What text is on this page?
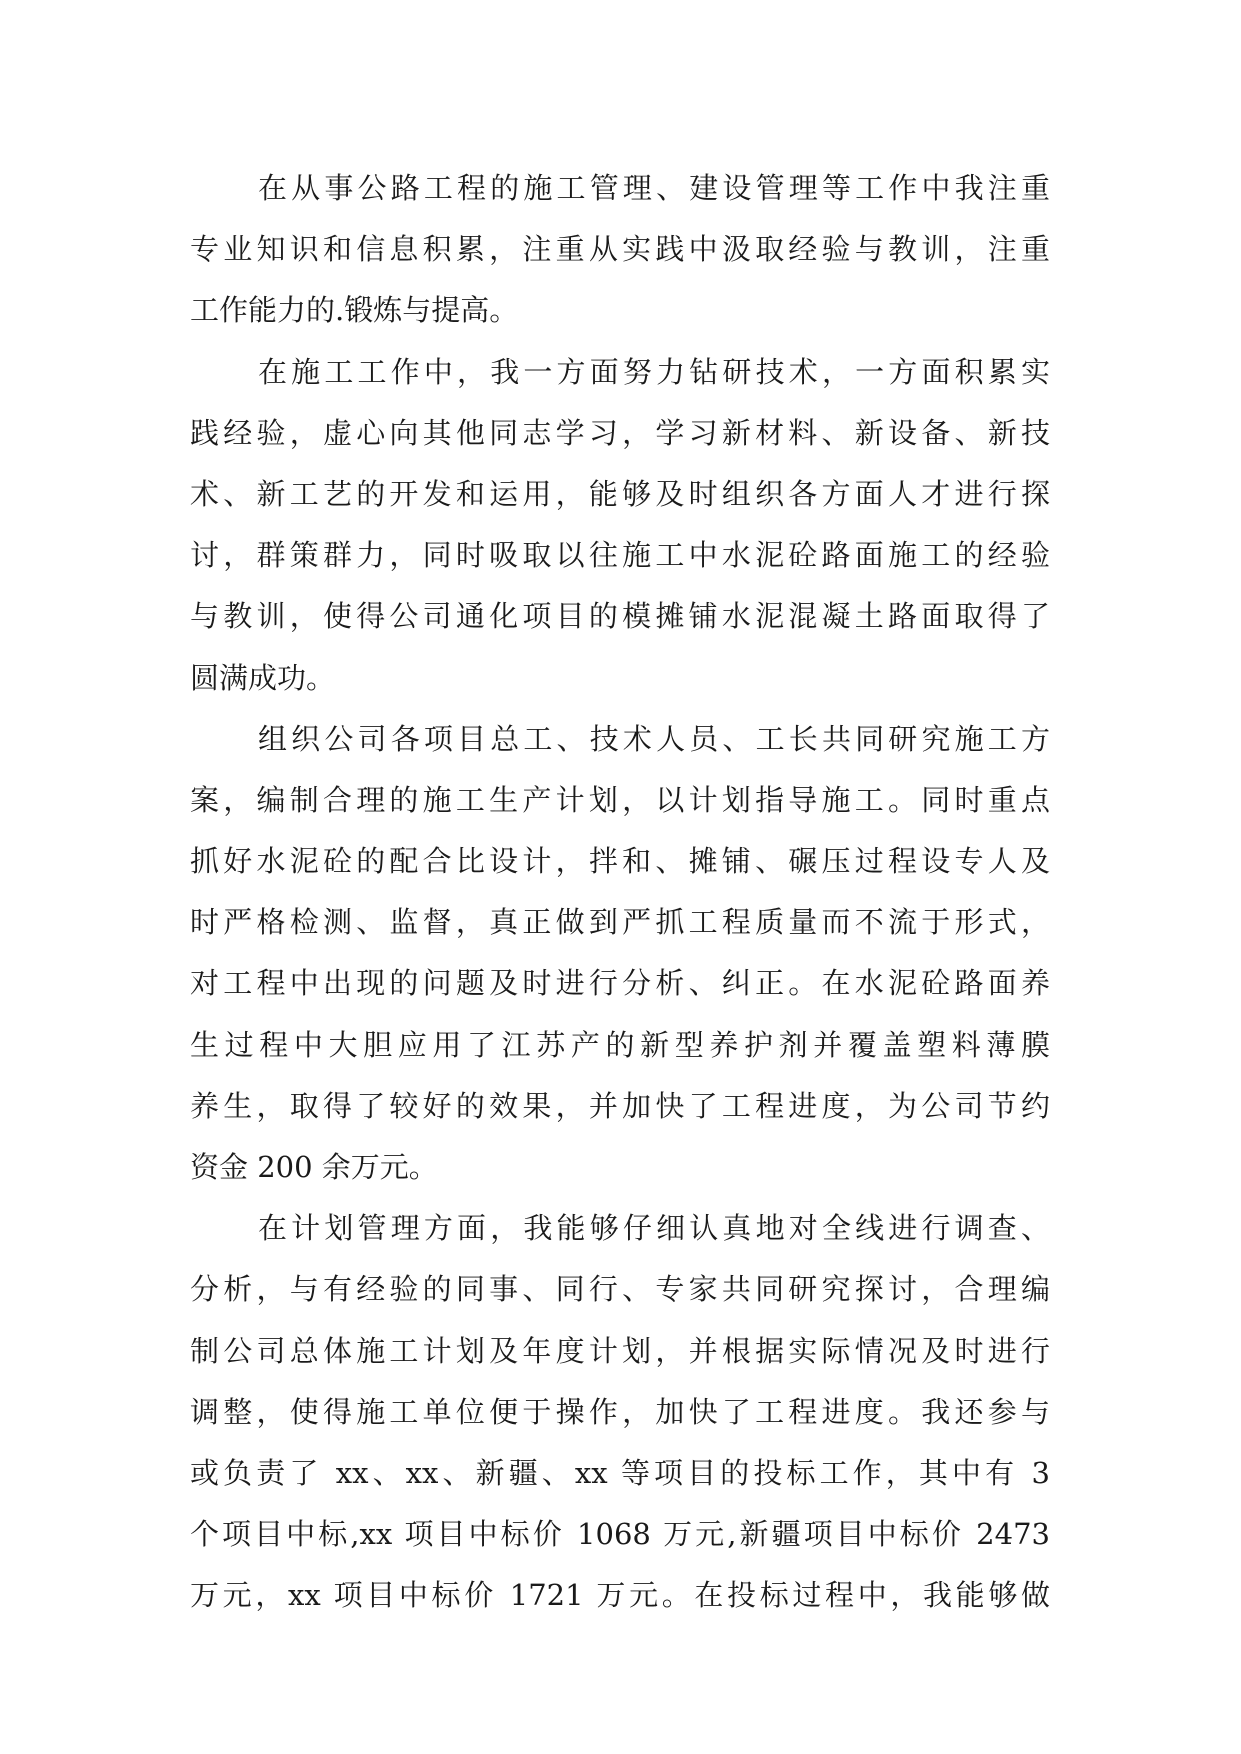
在从事公路工程的施工管理、建设管理等工作中我注重
专业知识和信息积累，注重从实践中汲取经验与教训，注重
工作能力的.锻炼与提高。
在施工工作中，我一方面努力钻研技术，一方面积累实
践经验，虚心向其他同志学习，学习新材料、新设备、新技
术、新工艺的开发和运用，能够及时组织各方面人才进行探
讨，群策群力，同时吸取以往施工中水泥砼路面施工的经验
与教训，使得公司通化项目的模摊铺水泥混凝土路面取得了
圆满成功。
组织公司各项目总工、技术人员、工长共同研究施工方
案，编制合理的施工生产计划，以计划指导施工。同时重点
抓好水泥砼的配合比设计，拌和、摊铺、碾压过程设专人及
时严格检测、监督，真正做到严抓工程质量而不流于形式，
对工程中出现的问题及时进行分析、纠正。在水泥砼路面养
生过程中大胆应用了江苏产的新型养护剂并覆盖塑料薄膜
养生，取得了较好的效果，并加快了工程进度，为公司节约
资金 200 余万元。
在计划管理方面，我能够仔细认真地对全线进行调查、
分析，与有经验的同事、同行、专家共同研究探讨，合理编
制公司总体施工计划及年度计划，并根据实际情况及时进行
调整，使得施工单位便于操作，加快了工程进度。我还参与
或负责了 xx、xx、新疆、xx 等项目的投标工作，其中有 3
个项目中标,xx 项目中标价 1068 万元,新疆项目中标价 2473
万元，xx 项目中标价 1721 万元。在投标过程中，我能够做
